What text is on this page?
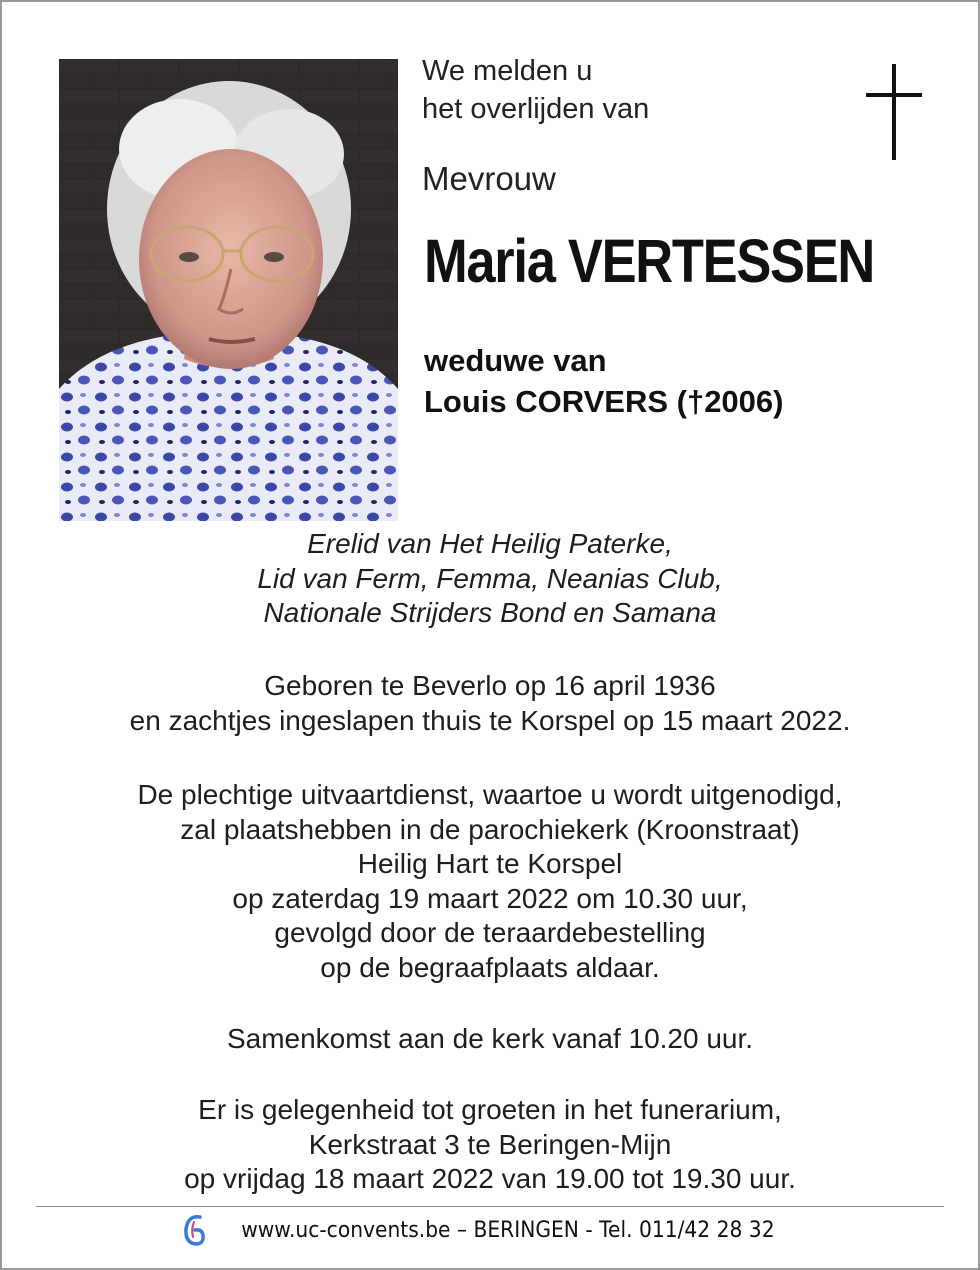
We melden u
het overlijden van
Mevrouw
Maria VERTESSEN
weduwe van
Louis CORVERS (†2006)
Erelid van Het Heilig Paterke,
Lid van Ferm, Femma, Neanias Club,
Nationale Strijders Bond en Samana
Geboren te Beverlo op 16 april 1936
en zachtjes ingeslapen thuis te Korspel op 15 maart 2022.
De plechtige uitvaartdienst, waartoe u wordt uitgenodigd,
zal plaatshebben in de parochiekerk (Kroonstraat)
Heilig Hart te Korspel
op zaterdag 19 maart 2022 om 10.30 uur,
gevolgd door de teraardebestelling
op de begraafplaats aldaar.
Samenkomst aan de kerk vanaf 10.20 uur.
Er is gelegenheid tot groeten in het funerarium,
Kerkstraat 3 te Beringen-Mijn
op vrijdag 18 maart 2022 van 19.00 tot 19.30 uur.
www.uc-convents.be – BERINGEN - Tel. 011/42 28 32
